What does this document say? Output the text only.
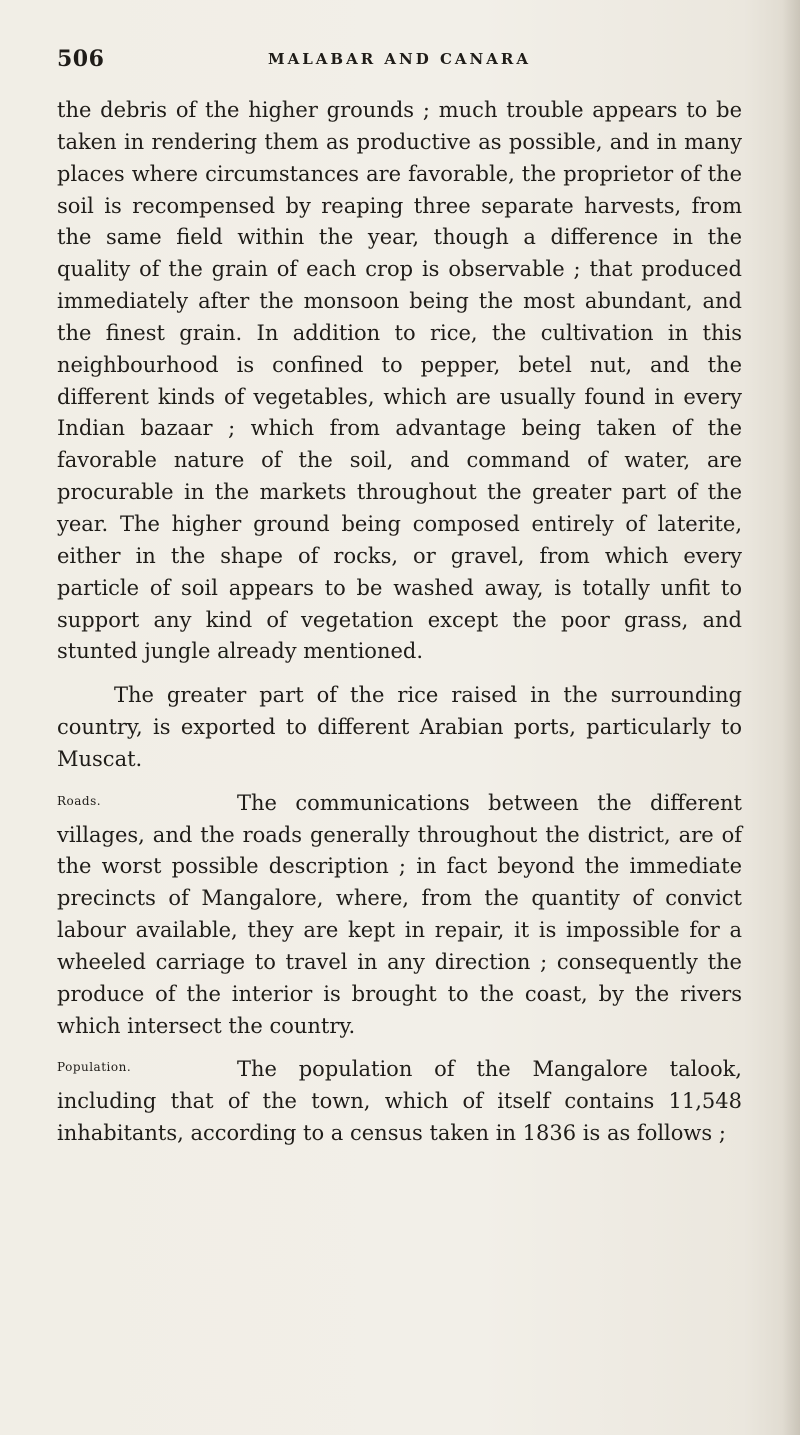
506	MALABAR AND CANARA

the debris of the higher grounds ; much trouble appears to be taken in rendering them as productive as possible, and in many places where circumstances are favorable, the proprietor of the soil is recompensed by reaping three separate harvests, from the same field within the year, though a difference in the quality of the grain of each crop is observable ; that produced immediately after the monsoon being the most abundant, and the finest grain. In addition to rice, the cultivation in this neighbourhood is confined to pepper, betel nut, and the different kinds of vegetables, which are usually found in every Indian bazaar ; which from advantage being taken of the favorable nature of the soil, and command of water, are procurable in the markets throughout the greater part of the year. The higher ground being composed entirely of laterite, either in the shape of rocks, or gravel, from which every particle of soil appears to be washed away, is totally unfit to support any kind of vegetation except the poor grass, and stunted jungle already mentioned.

The greater part of the rice raised in the surrounding country, is exported to different Arabian ports, particularly to Muscat.

Roads.	The communications between the different villages, and the roads generally throughout the district, are of the worst possible description ; in fact beyond the immediate precincts of Mangalore, where, from the quantity of convict labour available, they are kept in repair, it is impossible for a wheeled carriage to travel in any direction ; consequently the produce of the interior is brought to the coast, by the rivers which intersect the country.

Population.	The population of the Mangalore talook, including that of the town, which of itself contains 11,548 inhabitants, according to a census taken in 1836 is as follows ;
